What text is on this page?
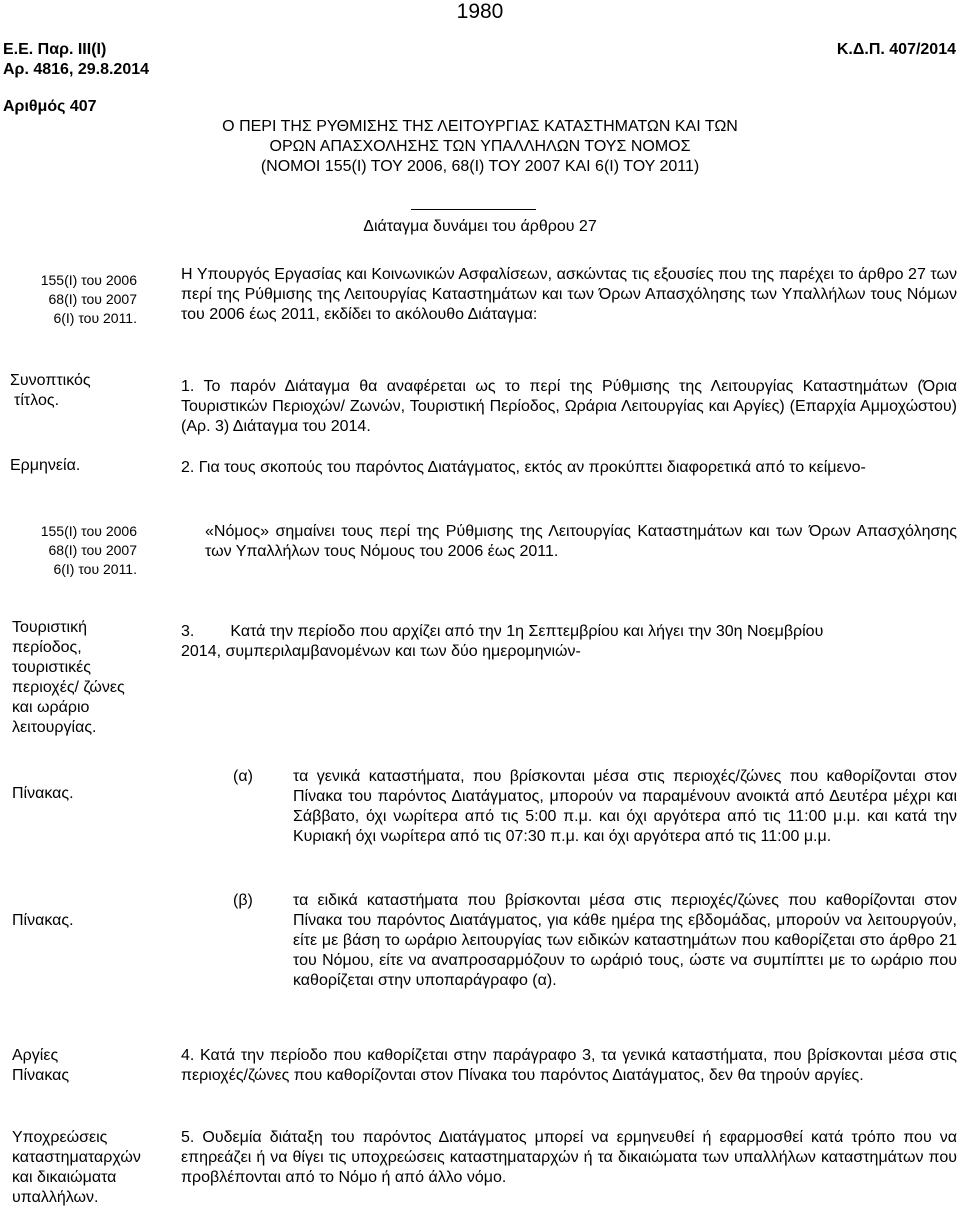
1980
Ε.Ε. Παρ. ΙΙΙ(Ι)
Αρ. 4816, 29.8.2014
Κ.Δ.Π. 407/2014
Αριθμός 407
Ο ΠΕΡΙ ΤΗΣ ΡΥΘΜΙΣΗΣ ΤΗΣ ΛΕΙΤΟΥΡΓΙΑΣ ΚΑΤΑΣΤΗΜΑΤΩΝ ΚΑΙ ΤΩΝ
ΟΡΩΝ ΑΠΑΣΧΟΛΗΣΗΣ ΤΩΝ ΥΠΑΛΛΗΛΩΝ ΤΟΥΣ ΝΟΜΟΣ
(ΝΟΜΟΙ 155(Ι) ΤΟΥ 2006, 68(Ι) ΤΟΥ 2007 ΚΑΙ 6(Ι) ΤΟΥ 2011)
Διάταγμα δυνάμει του άρθρου 27
155(Ι) του 2006
68(Ι) του 2007
6(Ι) του 2011.
Η Υπουργός Εργασίας και Κοινωνικών Ασφαλίσεων, ασκώντας τις εξουσίες που της παρέχει το άρθρο 27 των περί της Ρύθμισης της Λειτουργίας Καταστημάτων και των Όρων Απασχόλησης των Υπαλλήλων τους Νόμων του 2006 έως 2011, εκδίδει το ακόλουθο Διάταγμα:
Συνοπτικός
τίτλος.
1. Το παρόν Διάταγμα θα αναφέρεται ως το περί της Ρύθμισης της Λειτουργίας Καταστημάτων (Όρια Τουριστικών Περιοχών/ Ζωνών, Τουριστική Περίοδος, Ωράρια Λειτουργίας και Αργίες) (Επαρχία Αμμοχώστου) (Αρ. 3) Διάταγμα του 2014.
Ερμηνεία.	2. Για τους σκοπούς του παρόντος Διατάγματος, εκτός αν προκύπτει διαφορετικά από το κείμενο-
155(Ι) του 2006
68(Ι) του 2007
6(Ι) του 2011.
«Νόμος» σημαίνει τους περί της Ρύθμισης της Λειτουργίας Καταστημάτων και των Όρων Απασχόλησης των Υπαλλήλων τους Νόμους του 2006 έως 2011.
Τουριστική
περίοδος,
τουριστικές
περιοχές/ ζώνες
και ωράριο
λειτουργίας.
3. Κατά την περίοδο που αρχίζει από την 1η Σεπτεμβρίου και λήγει την 30η Νοεμβρίου
2014, συμπεριλαμβανομένων και των δύο ημερομηνιών-
Πίνακας.
(α)	τα γενικά καταστήματα, που βρίσκονται μέσα στις περιοχές/ζώνες που καθορίζονται στον Πίνακα του παρόντος Διατάγματος, μπορούν να παραμένουν ανοικτά από Δευτέρα μέχρι και Σάββατο, όχι νωρίτερα από τις 5:00 π.μ. και όχι αργότερα από τις 11:00 μ.μ. και κατά την Κυριακή όχι νωρίτερα από τις 07:30 π.μ. και όχι αργότερα από τις 11:00 μ.μ.
Πίνακας.
(β)	τα ειδικά καταστήματα που βρίσκονται μέσα στις περιοχές/ζώνες που καθορίζονται στον Πίνακα του παρόντος Διατάγματος, για κάθε ημέρα της εβδομάδας, μπορούν να λειτουργούν, είτε με βάση το ωράριο λειτουργίας των ειδικών καταστημάτων που καθορίζεται στο άρθρο 21 του Νόμου, είτε να αναπροσαρμόζουν το ωράριό τους, ώστε να συμπίπτει με το ωράριο που καθορίζεται στην υποπαράγραφο (α).
Αργίες
Πίνακας
4. Κατά την περίοδο που καθορίζεται στην παράγραφο 3, τα γενικά καταστήματα, που βρίσκονται μέσα στις περιοχές/ζώνες που καθορίζονται στον Πίνακα του παρόντος Διατάγματος, δεν θα τηρούν αργίες.
Υποχρεώσεις
καταστηματαρχών
και δικαιώματα
υπαλλήλων.
5. Ουδεμία διάταξη του παρόντος Διατάγματος μπορεί να ερμηνευθεί ή εφαρμοσθεί κατά τρόπο που να επηρεάζει ή να θίγει τις υποχρεώσεις καταστηματαρχών ή τα δικαιώματα των υπαλλήλων καταστημάτων που προβλέπονται από το Νόμο ή από άλλο νόμο.
